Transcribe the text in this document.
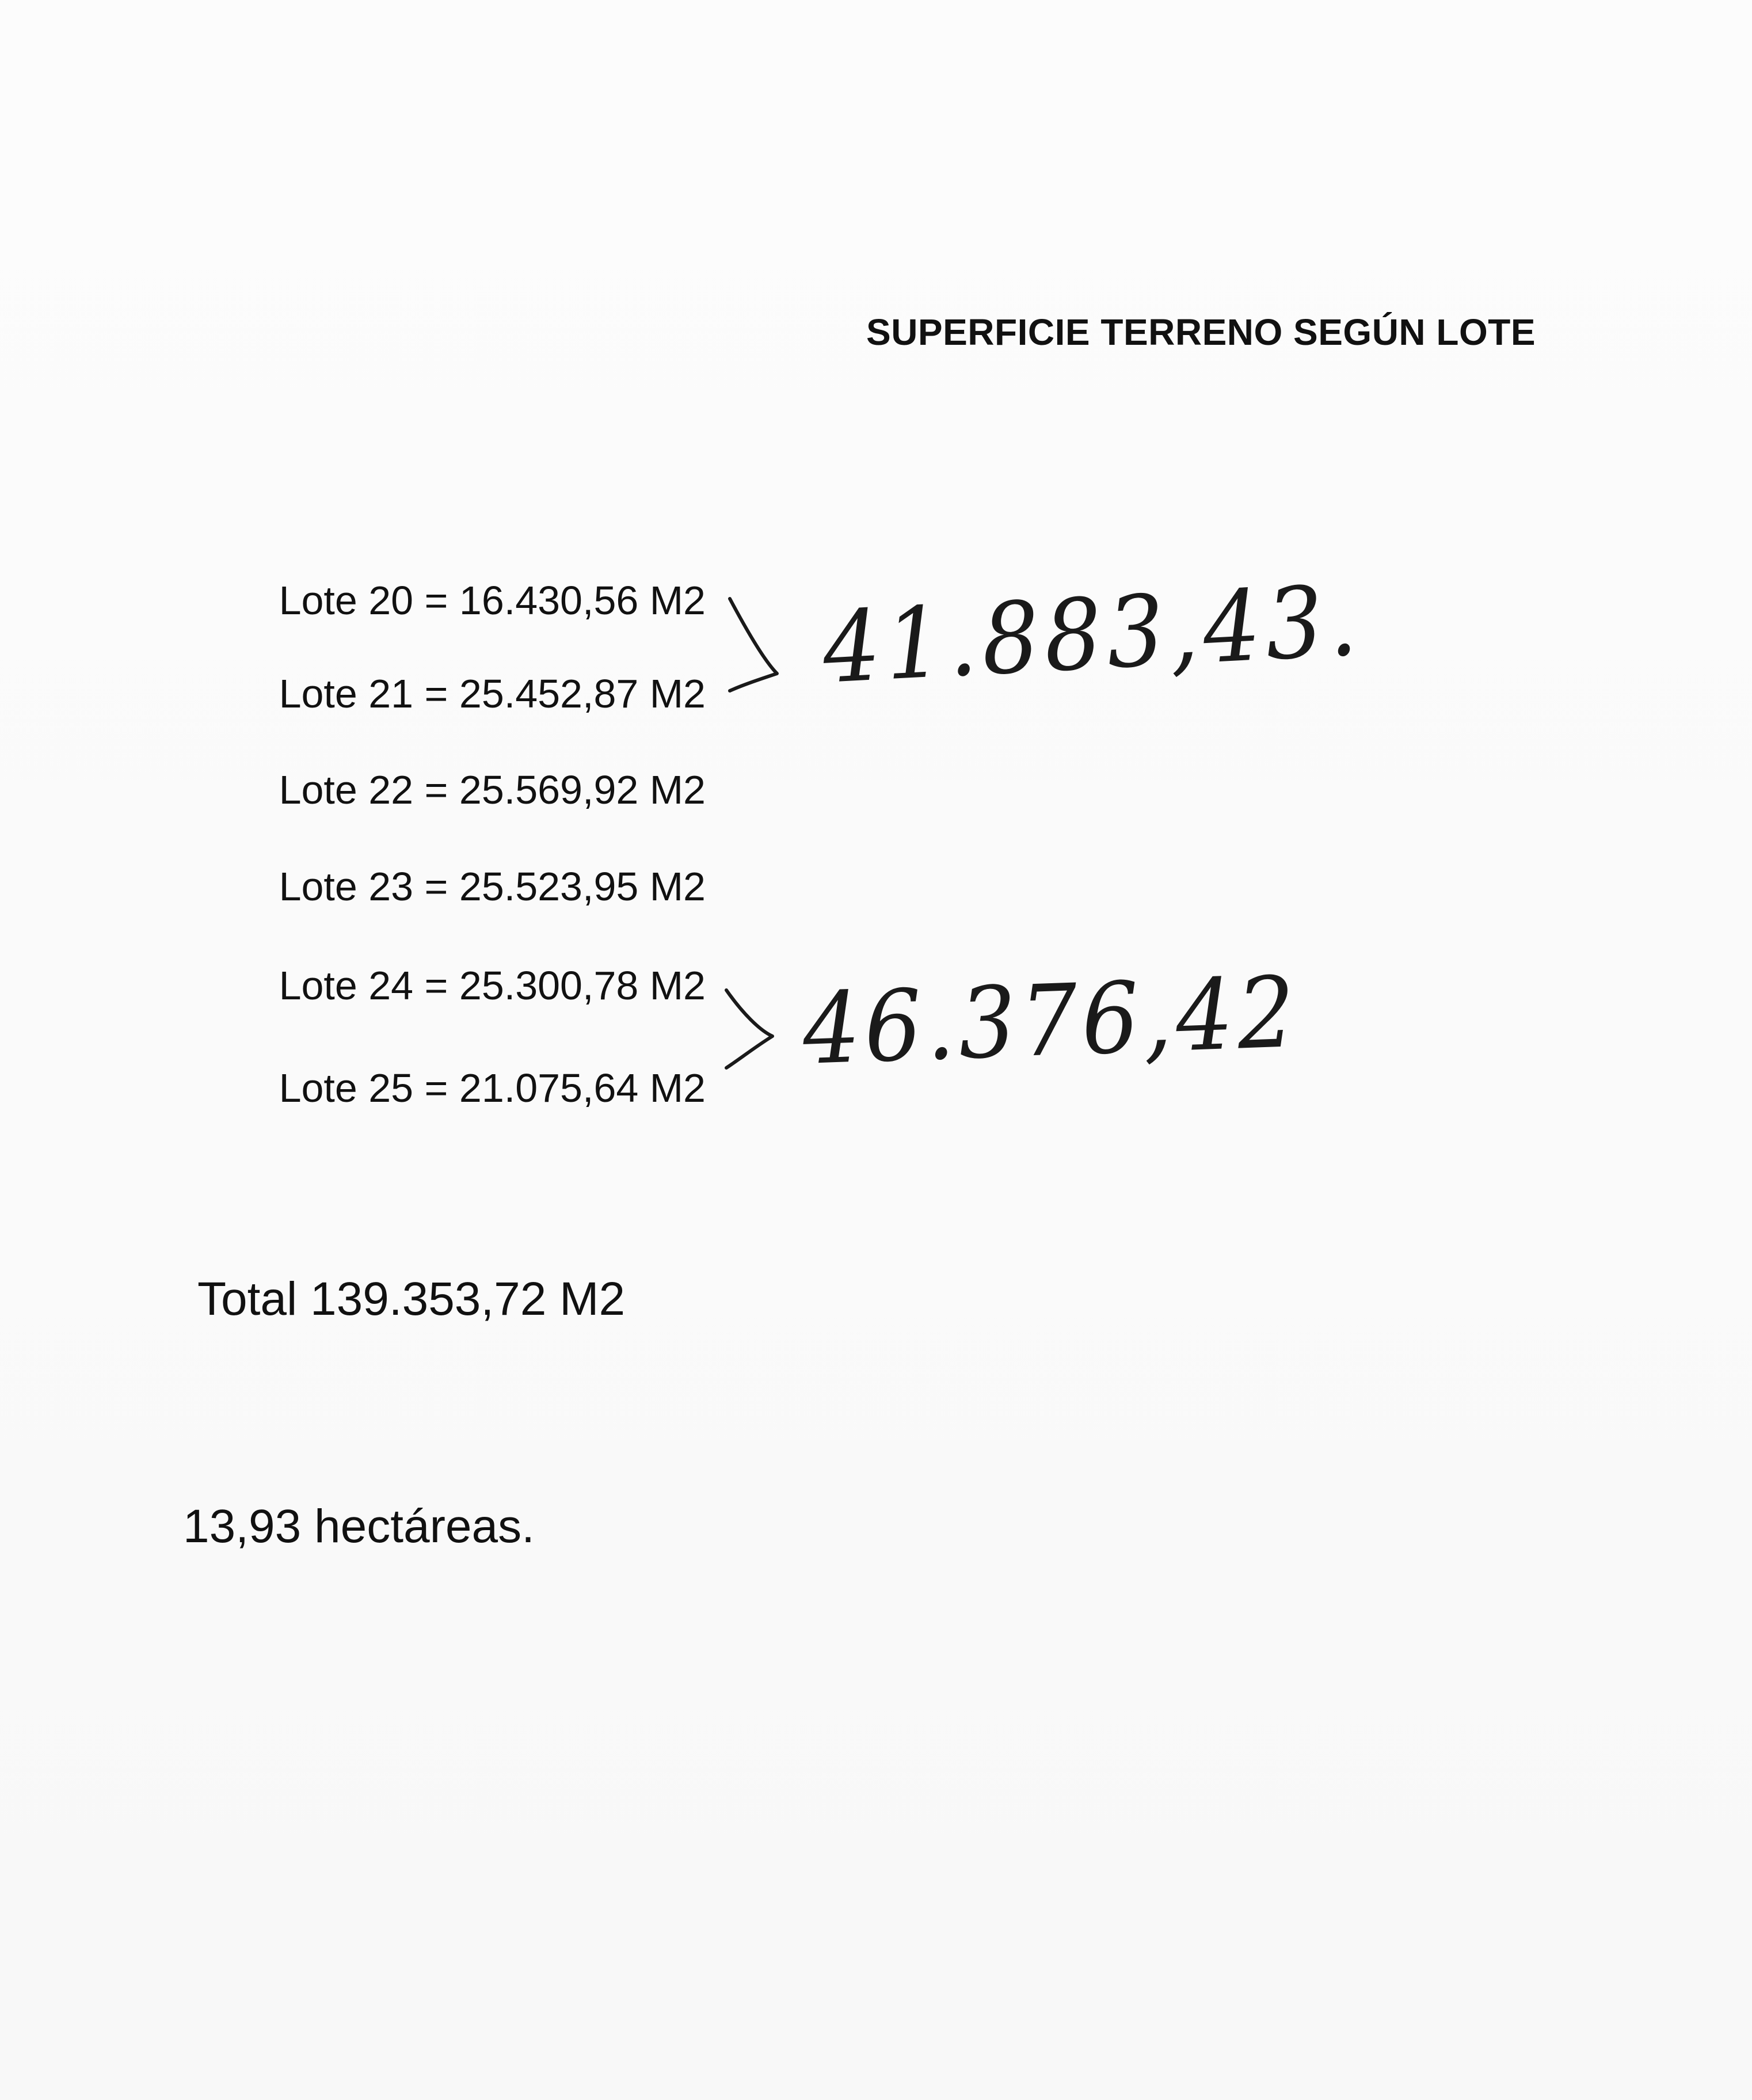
SUPERFICIE TERRENO SEGÚN LOTE
Lote 20 = 16.430,56 M2
Lote 21 = 25.452,87 M2
Lote 22 = 25.569,92 M2
Lote 23 = 25.523,95 M2
Lote 24 = 25.300,78 M2
Lote 25 = 21.075,64 M2
Total 139.353,72 M2
13,93 hectáreas.
41.883,43.
46.376,42
